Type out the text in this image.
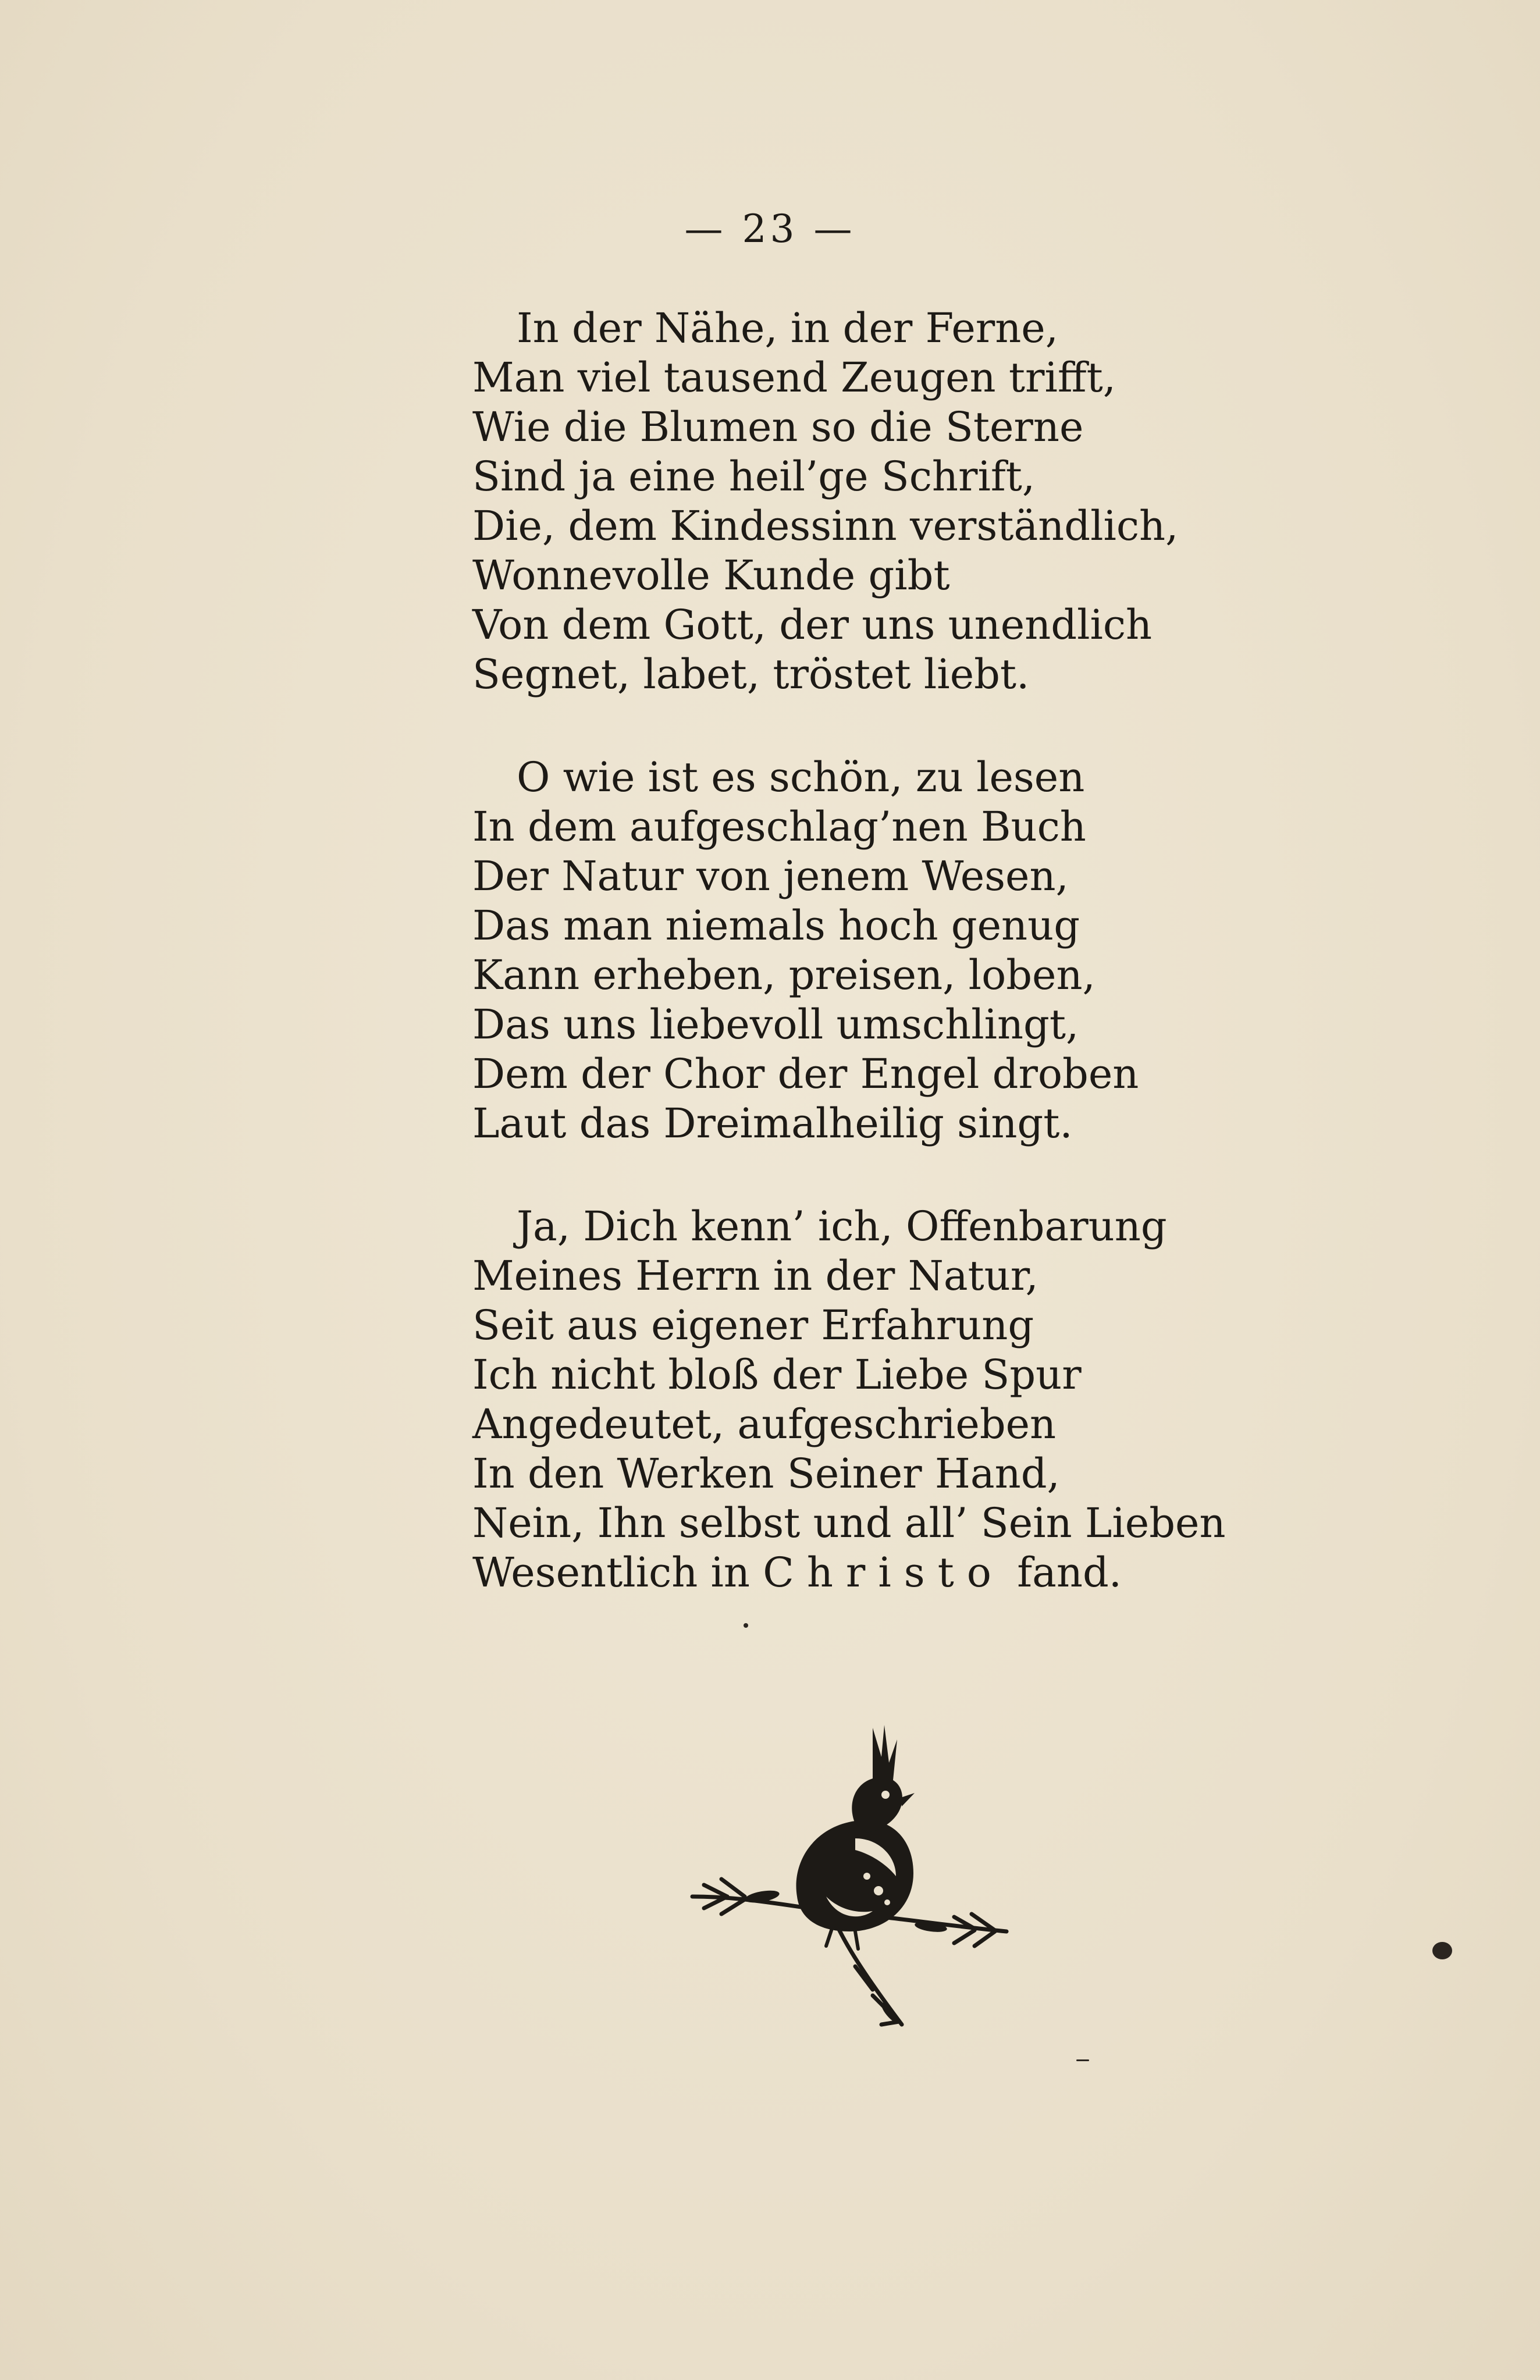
— 23 —
In der Nähe, in der Ferne,
Man viel tausend Zeugen trifft,
Wie die Blumen so die Sterne
Sind ja eine heil’ge Schrift,
Die, dem Kindessinn verständlich,
Wonnevolle Kunde gibt
Von dem Gott, der uns unendlich
Segnet, labet, tröstet liebt.
O wie ist es schön, zu lesen
In dem aufgeschlag’nen Buch
Der Natur von jenem Wesen,
Das man niemals hoch genug
Kann erheben, preisen, loben,
Das uns liebevoll umschlingt,
Dem der Chor der Engel droben
Laut das Dreimalheilig singt.
Ja, Dich kenn’ ich, Offenbarung
Meines Herrn in der Natur,
Seit aus eigener Erfahrung
Ich nicht bloß der Liebe Spur
Angedeutet, aufgeschrieben
In den Werken Seiner Hand,
Nein, Ihn selbst und all’ Sein Lieben
Wesentlich in Christo fand.
